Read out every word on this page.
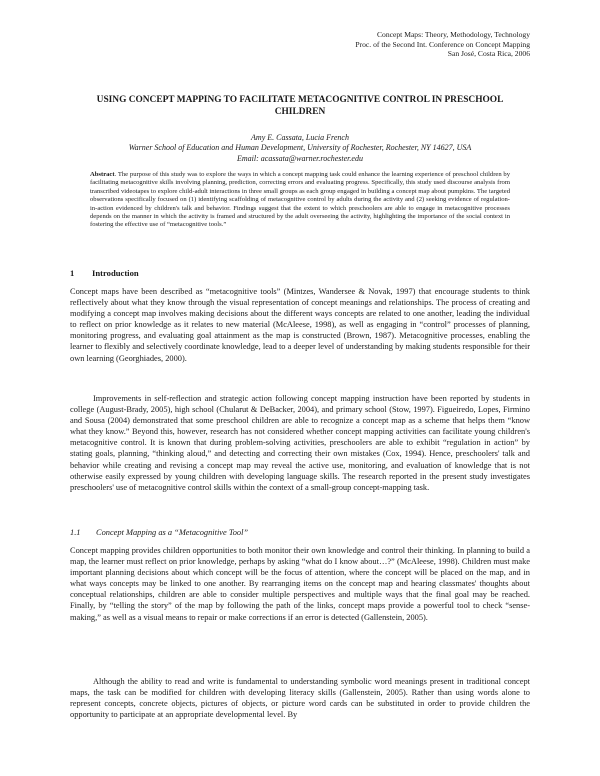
Concept Maps: Theory, Methodology, Technology
Proc. of the Second Int. Conference on Concept Mapping
San José, Costa Rica, 2006
USING CONCEPT MAPPING TO FACILITATE METACOGNITIVE CONTROL IN PRESCHOOL CHILDREN
Amy E. Cassata, Lucia French
Warner School of Education and Human Development, University of Rochester, Rochester, NY 14627, USA
Email: acassata@warner.rochester.edu
Abstract. The purpose of this study was to explore the ways in which a concept mapping task could enhance the learning experience of preschool children by facilitating metacognitive skills involving planning, prediction, correcting errors and evaluating progress. Specifically, this study used discourse analysis from transcribed videotapes to explore child-adult interactions in three small groups as each group engaged in building a concept map about pumpkins. The targeted observations specifically focused on (1) identifying scaffolding of metacognitive control by adults during the activity and (2) seeking evidence of regulation-in-action evidenced by children's talk and behavior. Findings suggest that the extent to which preschoolers are able to engage in metacognitive processes depends on the manner in which the activity is framed and structured by the adult overseeing the activity, highlighting the importance of the social context in fostering the effective use of “metacognitive tools.”
1 Introduction

Concept maps have been described as “metacognitive tools” (Mintzes, Wandersee & Novak, 1997) that encourage students to think reflectively about what they know through the visual representation of concept meanings and relationships. The process of creating and modifying a concept map involves making decisions about the different ways concepts are related to one another, leading the individual to reflect on prior knowledge as it relates to new material (McAleese, 1998), as well as engaging in “control” processes of planning, monitoring progress, and evaluating goal attainment as the map is constructed (Brown, 1987). Metacognitive processes, enabling the learner to flexibly and selectively coordinate knowledge, lead to a deeper level of understanding by making students responsible for their own learning (Georghiades, 2000).

Improvements in self-reflection and strategic action following concept mapping instruction have been reported by students in college (August-Brady, 2005), high school (Chularut & DeBacker, 2004), and primary school (Stow, 1997). Figueiredo, Lopes, Firmino and Sousa (2004) demonstrated that some preschool children are able to recognize a concept map as a scheme that helps them “know what they know.” Beyond this, however, research has not considered whether concept mapping activities can facilitate young children's metacognitive control. It is known that during problem-solving activities, preschoolers are able to exhibit “regulation in action” by stating goals, planning, “thinking aloud,” and detecting and correcting their own mistakes (Cox, 1994). Hence, preschoolers' talk and behavior while creating and revising a concept map may reveal the active use, monitoring, and evaluation of knowledge that is not otherwise easily expressed by young children with developing language skills. The research reported in the present study investigates preschoolers' use of metacognitive control skills within the context of a small-group concept-mapping task.

1.1 Concept Mapping as a “Metacognitive Tool”

Concept mapping provides children opportunities to both monitor their own knowledge and control their thinking. In planning to build a map, the learner must reflect on prior knowledge, perhaps by asking “what do I know about…?” (McAleese, 1998). Children must make important planning decisions about which concept will be the focus of attention, where the concept will be placed on the map, and in what ways concepts may be linked to one another. By rearranging items on the concept map and hearing classmates' thoughts about conceptual relationships, children are able to consider multiple perspectives and multiple ways that the final goal may be reached. Finally, by “telling the story” of the map by following the path of the links, concept maps provide a powerful tool to check “sense-making,” as well as a visual means to repair or make corrections if an error is detected (Gallenstein, 2005).

Although the ability to read and write is fundamental to understanding symbolic word meanings present in traditional concept maps, the task can be modified for children with developing literacy skills (Gallenstein, 2005). Rather than using words alone to represent concepts, concrete objects, pictures of objects, or picture word cards can be substituted in order to provide children the opportunity to participate at an appropriate developmental level. By
